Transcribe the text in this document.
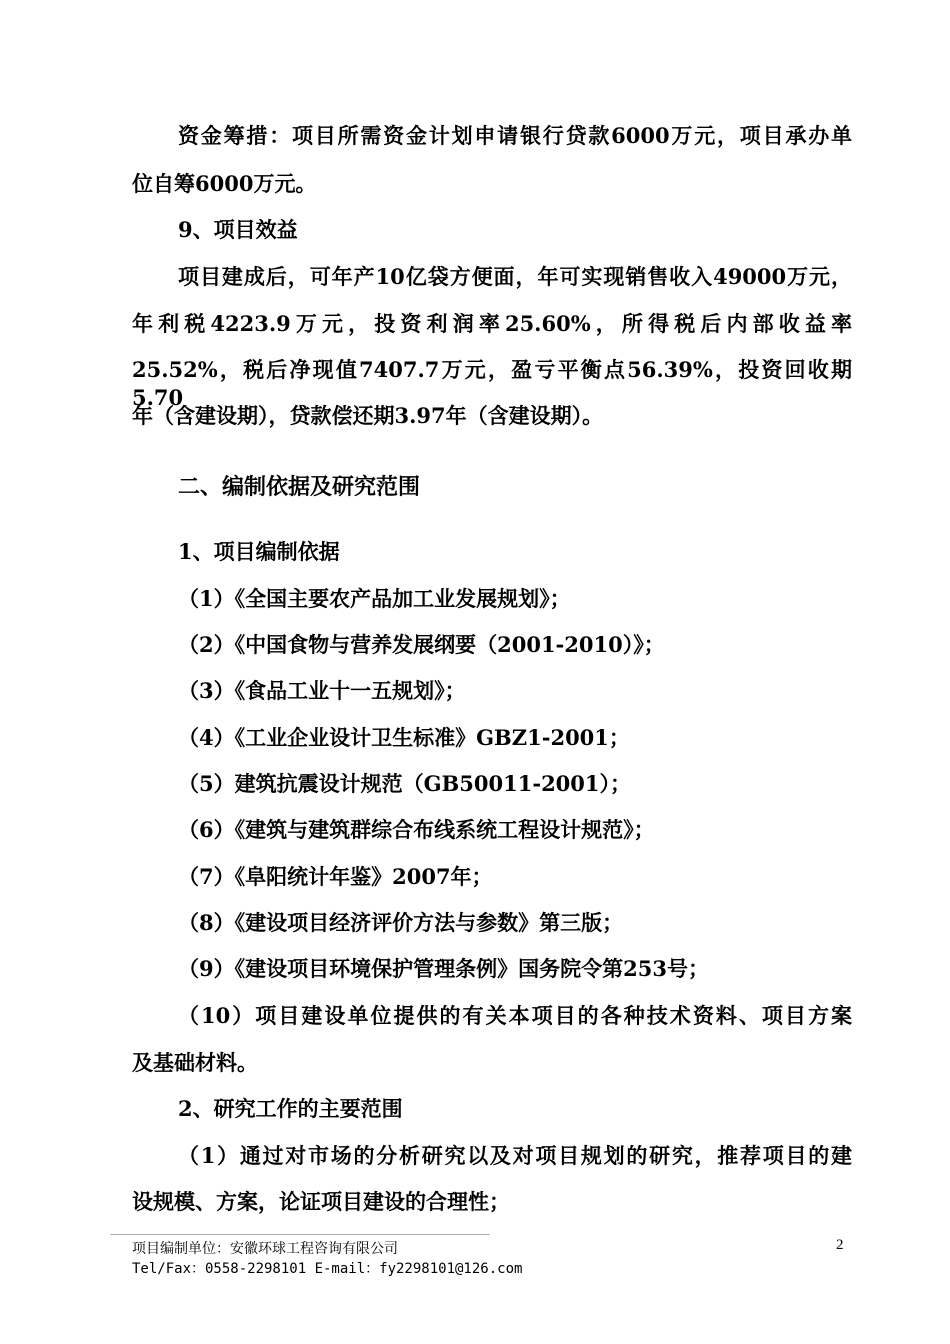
资金筹措：项目所需资金计划申请银行贷款6000万元，项目承办单
位自筹6000万元。
9、项目效益
项目建成后，可年产10亿袋方便面，年可实现销售收入49000万元，
年利税4223.9万元，投资利润率25.60%，所得税后内部收益率
25.52%，税后净现值7407.7万元，盈亏平衡点56.39%，投资回收期5.70
年（含建设期），贷款偿还期3.97年（含建设期）。
二、编制依据及研究范围
1、项目编制依据
（1）《全国主要农产品加工业发展规划》；
（2）《中国食物与营养发展纲要（2001-2010）》；
（3）《食品工业十一五规划》；
（4）《工业企业设计卫生标准》GBZ1-2001；
（5）建筑抗震设计规范（GB50011-2001）；
（6）《建筑与建筑群综合布线系统工程设计规范》；
（7）《阜阳统计年鉴》2007年；
（8）《建设项目经济评价方法与参数》第三版；
（9）《建设项目环境保护管理条例》国务院令第253号；
（10）项目建设单位提供的有关本项目的各种技术资料、项目方案
及基础材料。
2、研究工作的主要范围
（1）通过对市场的分析研究以及对项目规划的研究，推荐项目的建
设规模、方案，论证项目建设的合理性；
项目编制单位：安徽环球工程咨询有限公司
Tel/Fax：0558-2298101 E-mail：fy2298101@126.com
2
